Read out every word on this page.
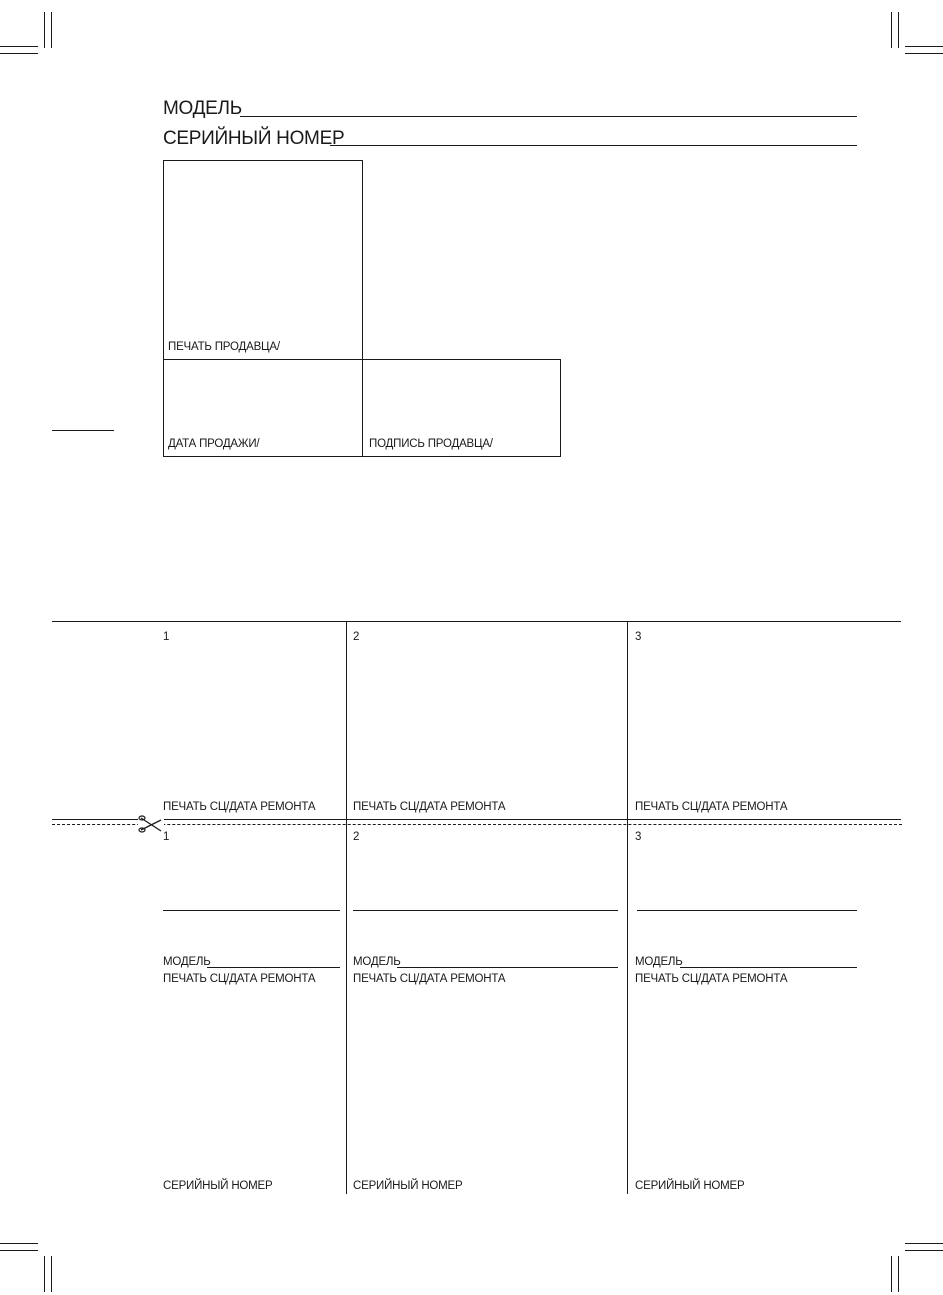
МОДЕЛЬ
СЕРИЙНЫЙ НОМЕР
ПЕЧАТЬ ПРОДАВЦА/
ДАТА ПРОДАЖИ/	ПОДПИСЬ ПРОДАВЦА/
1
ПЕЧАТЬ СЦ/ДАТА РЕМОНТА
2
ПЕЧАТЬ СЦ/ДАТА РЕМОНТА
3
ПЕЧАТЬ СЦ/ДАТА РЕМОНТА
1
МОДЕЛЬ
ПЕЧАТЬ СЦ/ДАТА РЕМОНТА
СЕРИЙНЫЙ НОМЕР
2
МОДЕЛЬ
ПЕЧАТЬ СЦ/ДАТА РЕМОНТА
СЕРИЙНЫЙ НОМЕР
3
МОДЕЛЬ
ПЕЧАТЬ СЦ/ДАТА РЕМОНТА
СЕРИЙНЫЙ НОМЕР
